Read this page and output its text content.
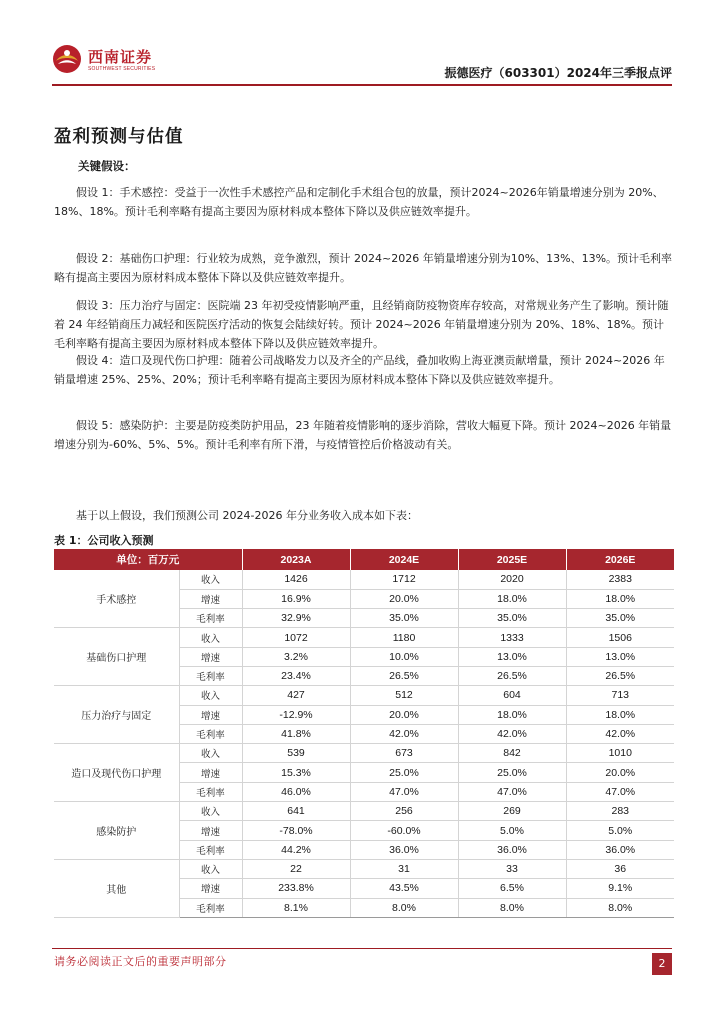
西南证券
SOUTHWEST SECURITIES	振德医疗（603301）2024年三季报点评
盈利预测与估值
关键假设：
假设 1：手术感控：受益于一次性手术感控产品和定制化手术组合包的放量，预计2024~2026年销量增速分别为 20%、18%、18%。预计毛利率略有提高主要因为原材料成本整体下降以及供应链效率提升。
假设 2：基础伤口护理：行业较为成熟，竞争激烈，预计 2024~2026 年销量增速分别为10%、13%、13%。预计毛利率略有提高主要因为原材料成本整体下降以及供应链效率提升。
假设 3：压力治疗与固定：医院端 23 年初受疫情影响严重，且经销商防疫物资库存较高，对常规业务产生了影响。预计随着 24 年经销商压力减轻和医院医疗活动的恢复会陆续好转。预计 2024~2026 年销量增速分别为 20%、18%、18%。预计毛利率略有提高主要因为原材料成本整体下降以及供应链效率提升。
假设 4：造口及现代伤口护理：随着公司战略发力以及齐全的产品线，叠加收购上海亚澳贡献增量，预计 2024~2026 年销量增速 25%、25%、20%；预计毛利率略有提高主要因为原材料成本整体下降以及供应链效率提升。
假设 5：感染防护：主要是防疫类防护用品，23 年随着疫情影响的逐步消除，营收大幅夏下降。预计 2024~2026 年销量增速分别为-60%、5%、5%。预计毛利率有所下滑，与疫情管控后价格波动有关。
基于以上假设，我们预测公司 2024-2026 年分业务收入成本如下表：
表 1：公司收入预测
单位：百万元		2023A	2024E	2025E	2026E
手术感控	收入	1426	1712	2020	2383
	增速	16.9%	20.0%	18.0%	18.0%
	毛利率	32.9%	35.0%	35.0%	35.0%
基础伤口护理	收入	1072	1180	1333	1506
	增速	3.2%	10.0%	13.0%	13.0%
	毛利率	23.4%	26.5%	26.5%	26.5%
压力治疗与固定	收入	427	512	604	713
	增速	-12.9%	20.0%	18.0%	18.0%
	毛利率	41.8%	42.0%	42.0%	42.0%
造口及现代伤口护理	收入	539	673	842	1010
	增速	15.3%	25.0%	25.0%	20.0%
	毛利率	46.0%	47.0%	47.0%	47.0%
感染防护	收入	641	256	269	283
	增速	-78.0%	-60.0%	5.0%	5.0%
	毛利率	44.2%	36.0%	36.0%	36.0%
其他	收入	22	31	33	36
	增速	233.8%	43.5%	6.5%	9.1%
	毛利率	8.1%	8.0%	8.0%	8.0%
请务必阅读正文后的重要声明部分	2
